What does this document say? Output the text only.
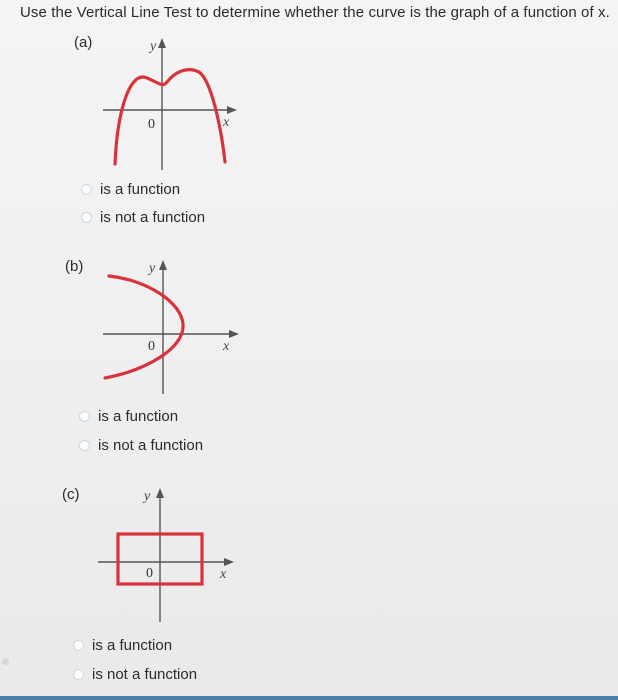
Use the Vertical Line Test to determine whether the curve is the graph of a function of x.
(a)	y
x
0
is a function
is not a function
(b)	y
x
0
is a function
is not a function
(c)	y
x
0
is a function
is not a function
